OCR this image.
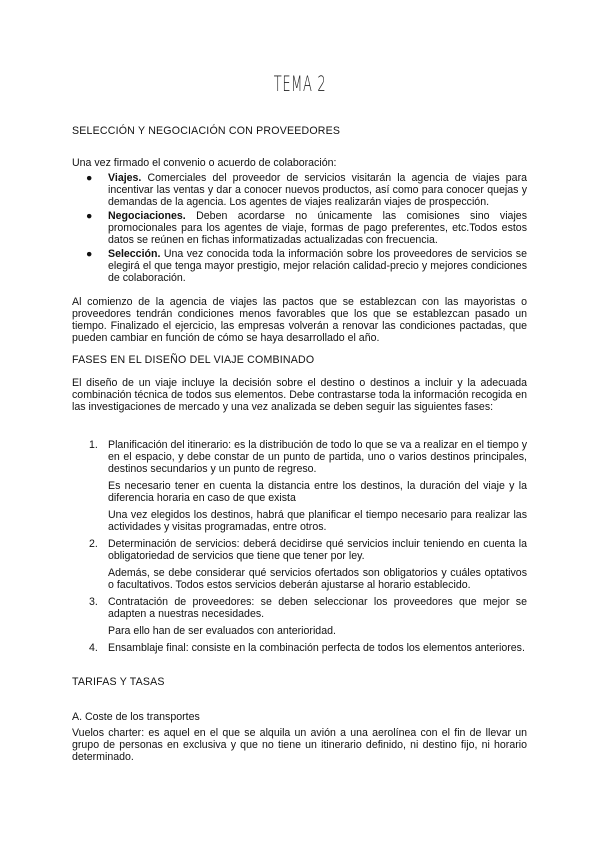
TEMA 2
SELECCIÓN Y NEGOCIACIÓN CON PROVEEDORES

Una vez firmado el convenio o acuerdo de colaboración:

● Viajes. Comerciales del proveedor de servicios visitarán la agencia de viajes para incentivar las ventas y dar a conocer nuevos productos, así como para conocer quejas y demandas de la agencia. Los agentes de viajes realizarán viajes de prospección.
● Negociaciones. Deben acordarse no únicamente las comisiones sino viajes promocionales para los agentes de viaje, formas de pago preferentes, etc.Todos estos datos se reúnen en fichas informatizadas actualizadas con frecuencia.
● Selección. Una vez conocida toda la información sobre los proveedores de servicios se elegirá el que tenga mayor prestigio, mejor relación calidad-precio y mejores condiciones de colaboración.

Al comienzo de la agencia de viajes las pactos que se establezcan con las mayoristas o proveedores tendrán condiciones menos favorables que los que se establezcan pasado un tiempo. Finalizado el ejercicio, las empresas volverán a renovar las condiciones pactadas, que pueden cambiar en función de cómo se haya desarrollado el año.

FASES EN EL DISEÑO DEL VIAJE COMBINADO

El diseño de un viaje incluye la decisión sobre el destino o destinos a incluir y la adecuada combinación técnica de todos sus elementos. Debe contrastarse toda la información recogida en las investigaciones de mercado y una vez analizada se deben seguir las siguientes fases:

1. Planificación del itinerario: es la distribución de todo lo que se va a realizar en el tiempo y en el espacio, y debe constar de un punto de partida, uno o varios destinos principales, destinos secundarios y un punto de regreso.
Es necesario tener en cuenta la distancia entre los destinos, la duración del viaje y la diferencia horaria en caso de que exista
Una vez elegidos los destinos, habrá que planificar el tiempo necesario para realizar las actividades y visitas programadas, entre otros.
2. Determinación de servicios: deberá decidirse qué servicios incluir teniendo en cuenta la obligatoriedad de servicios que tiene que tener por ley.
Además, se debe considerar qué servicios ofertados son obligatorios y cuáles optativos o facultativos. Todos estos servicios deberán ajustarse al horario establecido.
3. Contratación de proveedores: se deben seleccionar los proveedores que mejor se adapten a nuestras necesidades.
Para ello han de ser evaluados con anterioridad.
4. Ensamblaje final: consiste en la combinación perfecta de todos los elementos anteriores.
TARIFAS Y TASAS
A. Coste de los transportes

Vuelos charter: es aquel en el que se alquila un avión a una aerolínea con el fin de llevar un grupo de personas en exclusiva y que no tiene un itinerario definido, ni destino fijo, ni horario determinado.
